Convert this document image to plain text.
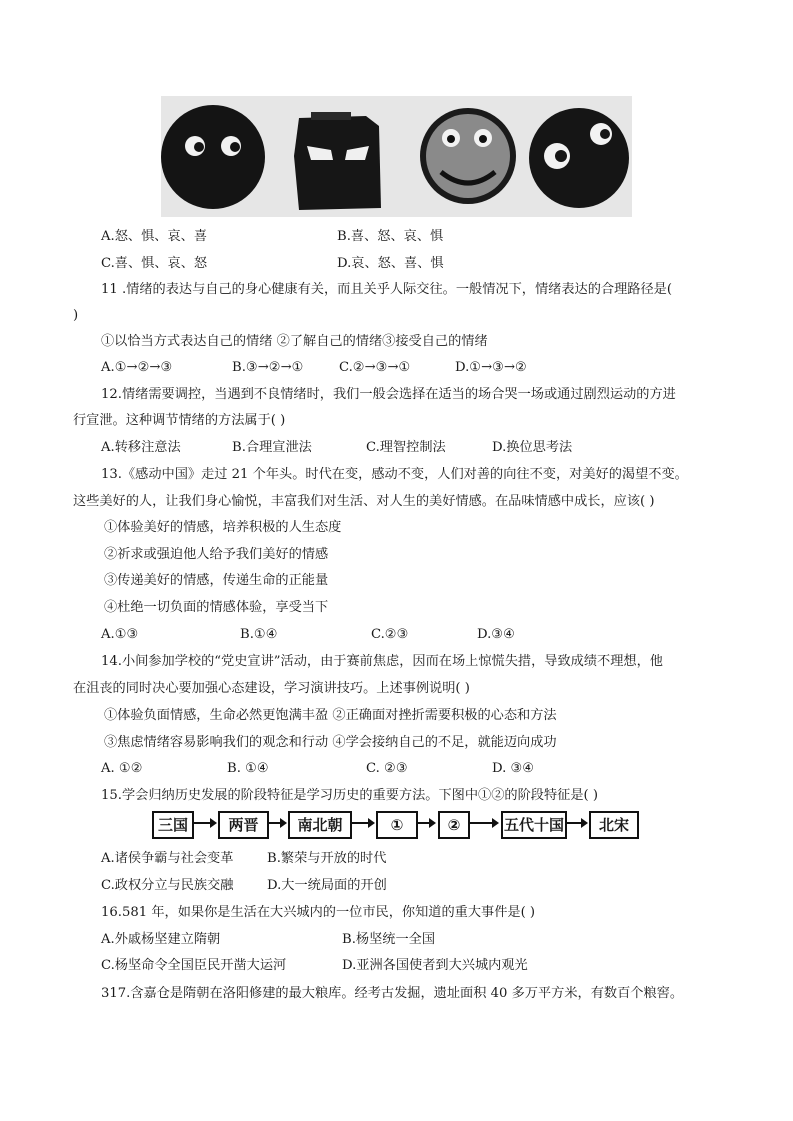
A.怒、惧、哀、喜	B.喜、怒、哀、惧
C.喜、惧、哀、怒	D.哀、怒、喜、惧
11 .情绪的表达与自己的身心健康有关，而且关乎人际交往。一般情况下，情绪表达的合理路径是(
)
①以恰当方式表达自己的情绪 ②了解自己的情绪③接受自己的情绪
A.①→②→③	B.③→②→①	C.②→③→①	D.①→③→②
12.情绪需要调控，当遇到不良情绪时，我们一般会选择在适当的场合哭一场或通过剧烈运动的方进
行宣泄。这种调节情绪的方法属于( )
A.转移注意法	B.合理宣泄法	C.理智控制法	D.换位思考法
13.《感动中国》走过 21 个年头。时代在变，感动不变，人们对善的向往不变，对美好的渴望不变。
这些美好的人，让我们身心愉悦，丰富我们对生活、对人生的美好情感。在品味情感中成长，应该( )
①体验美好的情感，培养积极的人生态度
②祈求或强迫他人给予我们美好的情感
③传递美好的情感，传递生命的正能量
④杜绝一切负面的情感体验，享受当下
A.①③	B.①④	C.②③	D.③④
14.小间参加学校的“党史宣讲”活动，由于赛前焦虑，因而在场上惊慌失措，导致成绩不理想，他
在沮丧的同时决心要加强心态建设，学习演讲技巧。上述事例说明( )
①体验负面情感，生命必然更饱满丰盈 ②正确面对挫折需要积极的心态和方法
③焦虑情绪容易影响我们的观念和行动 ④学会接纳自己的不足，就能迈向成功
A. ①②	B. ①④	C. ②③	D. ③④
15.学会归纳历史发展的阶段特征是学习历史的重要方法。下图中①②的阶段特征是( )
三国	两晋	南北朝	①	②	五代十国	北宋
A.诸侯争霸与社会变革	B.繁荣与开放的时代
C.政权分立与民族交融	D.大一统局面的开创
16.581 年，如果你是生活在大兴城内的一位市民，你知道的重大事件是( )
A.外戚杨坚建立隋朝	B.杨坚统一全国
C.杨坚命令全国臣民开凿大运河	D.亚洲各国使者到大兴城内观光
317.含嘉仓是隋朝在洛阳修建的最大粮库。经考古发掘，遗址面积 40 多万平方米，有数百个粮窖。
